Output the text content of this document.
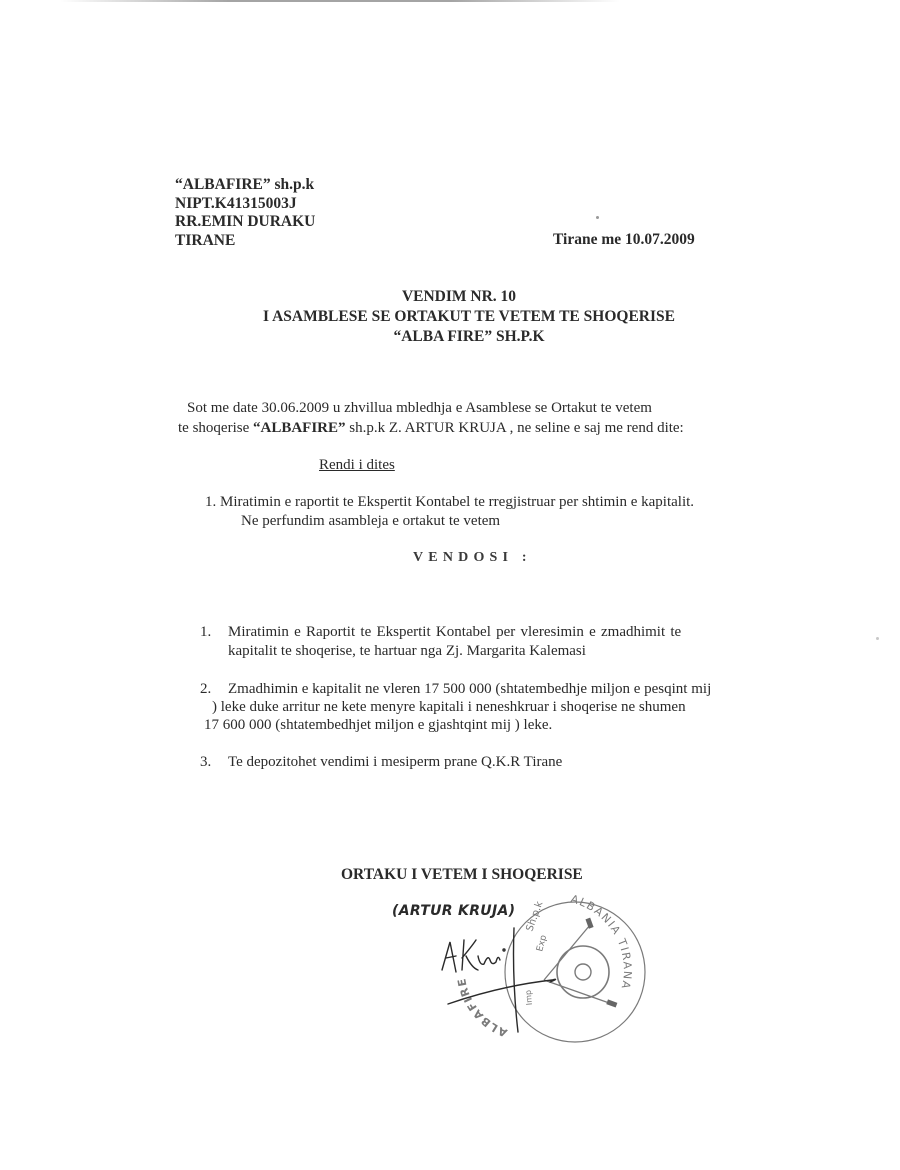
“ALBAFIRE” sh.p.k
NIPT.K41315003J
RR.EMIN DURAKU
TIRANE	Tirane me 10.07.2009
VENDIM NR. 10
I ASAMBLESE SE ORTAKUT TE VETEM TE SHOQERISE
“ALBA FIRE” SH.P.K
Sot me date 30.06.2009 u zhvillua mbledhja e Asamblese se Ortakut te vetem
te shoqerise “ALBAFIRE” sh.p.k Z. ARTUR KRUJA , ne seline e saj me rend dite:
Rendi i dites
1. Miratimin e raportit te Ekspertit Kontabel te rregjistruar per shtimin e kapitalit.
Ne perfundim asambleja e ortakut te vetem
VENDOSI :
1. Miratimin e Raportit te Ekspertit Kontabel per vleresimin e zmadhimit te
kapitalit te shoqerise, te hartuar nga Zj. Margarita Kalemasi
2. Zmadhimin e kapitalit ne vleren 17 500 000 (shtatembedhje miljon e pesqint mij
) leke duke arritur ne kete menyre kapitali i neneshkruar i shoqerise ne shumen
17 600 000 (shtatembedhjet miljon e gjashtqint mij ) leke.
3. Te depozitohet vendimi i mesiperm prane Q.K.R Tirane
ORTAKU I VETEM I SHOQERISE
(ARTUR KRUJA)
ALBANIA TIRANA
ALBAFIRE
Sh.p.k
Exp
Imp
